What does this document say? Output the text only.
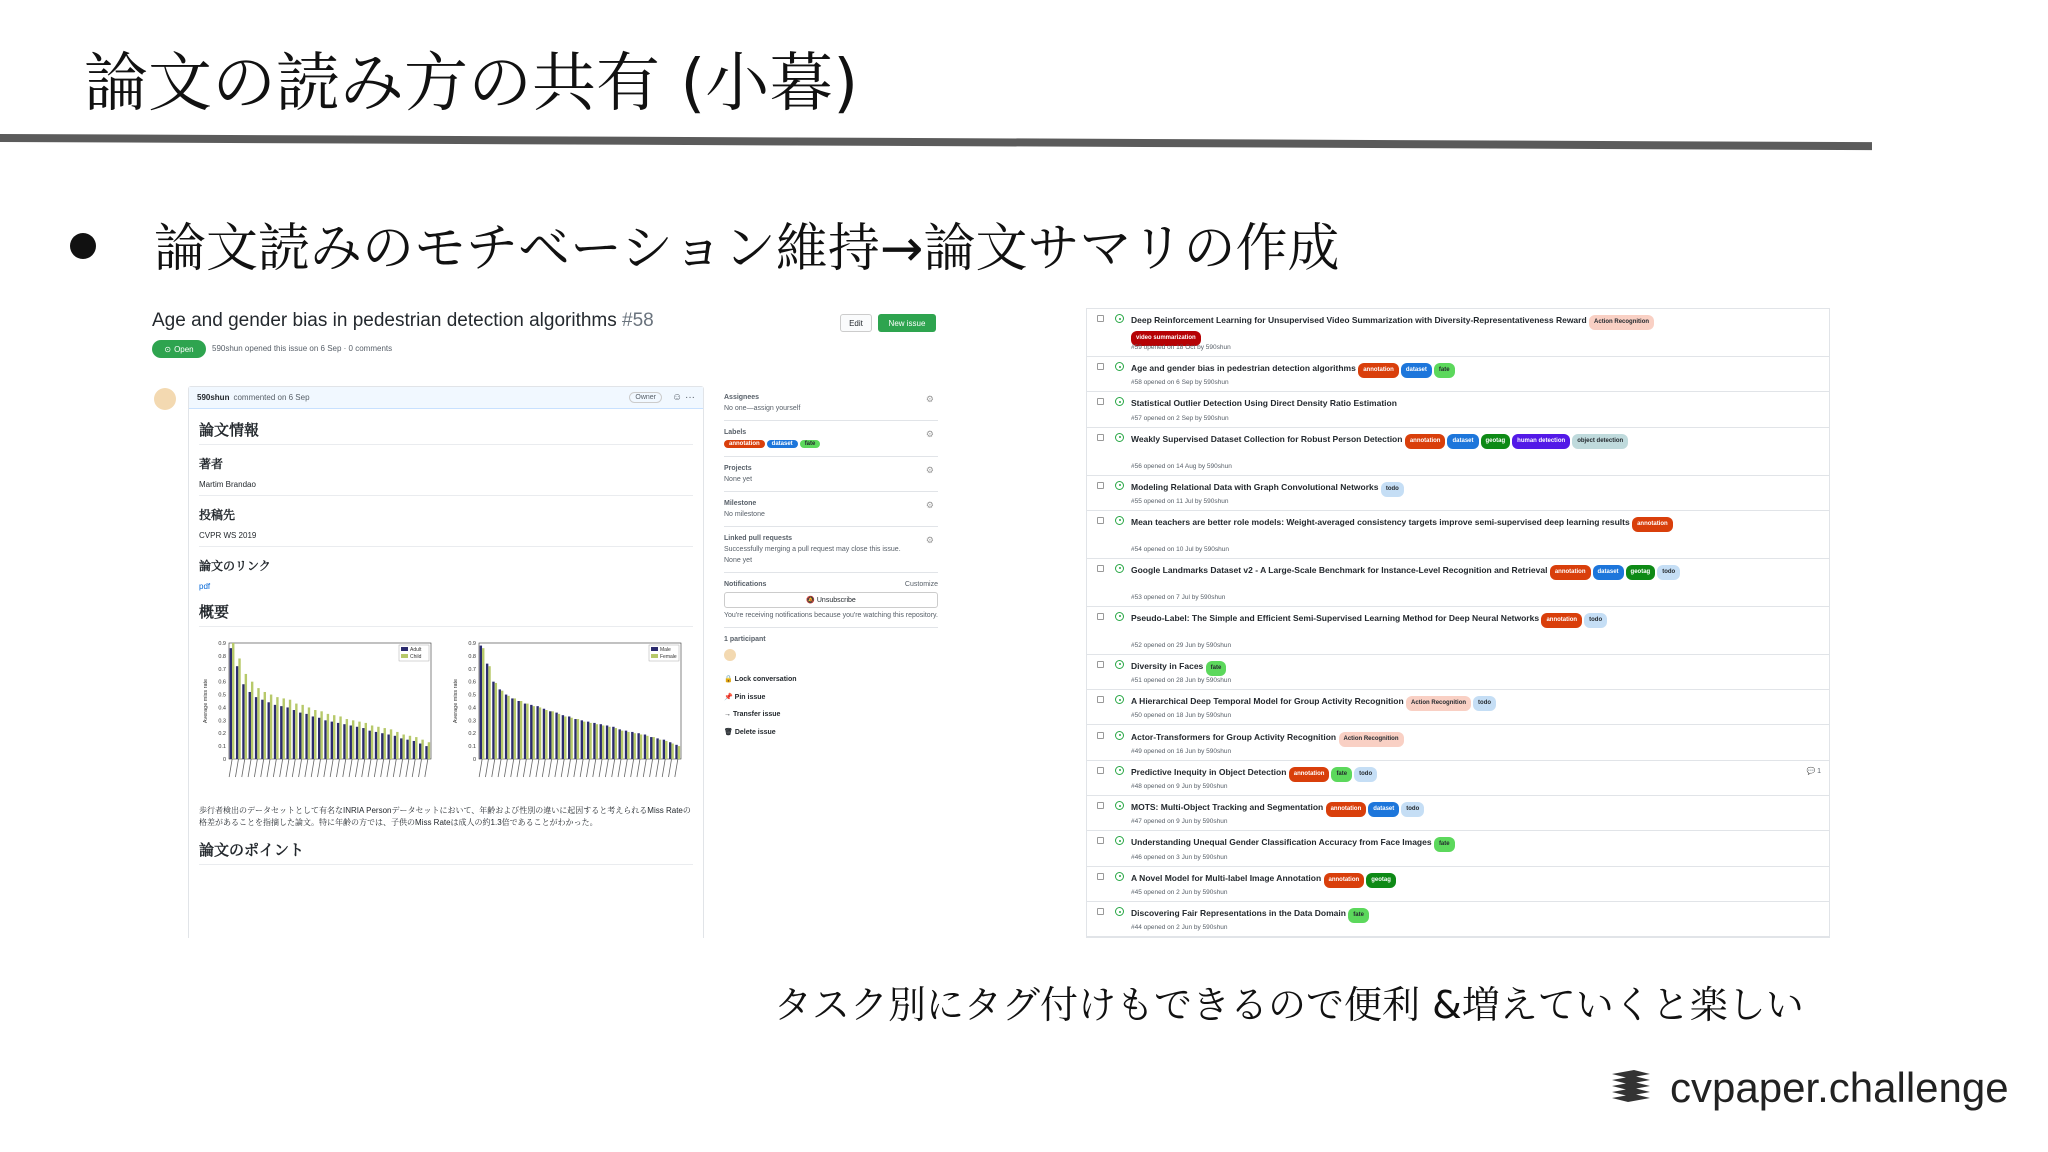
論文の読み方の共有 (小暮)
論文読みのモチベーション維持→論文サマリの作成
Age and gender bias in pedestrian detection algorithms #58	Edit	New issue
⊙ Open 590shun opened this issue on 6 Sep · 0 comments
590shun commented on 6 Sep	Owner	☺ ···
論文情報
著者
Martim Brandao
投稿先
CVPR WS 2019
論文のリンク
pdf
概要
0
0.1
0.2
0.3
0.4
0.5
0.6
0.7
0.8
0.9
Average miss rate
Adult
Child
0
0.1
0.2
0.3
0.4
0.5
0.6
0.7
0.8
0.9
Average miss rate
Male
Female
歩行者検出のデータセットとして有名なINRIA Personデータセットにおいて、年齢および性別の違いに起因すると考えられるMiss Rateの格差があることを指摘した論文。特に年齢の方では、子供のMiss Rateは成人の約1.3倍であることがわかった。
論文のポイント
Assignees
No one—assign yourself
⚙
Labels
annotation dataset fate
⚙
Projects
None yet
⚙
Milestone
No milestone
⚙
Linked pull requests
Successfully merging a pull request may close this issue.
None yet
⚙
Notifications	Customize
🔕 Unsubscribe
You're receiving notifications because you're watching this repository.
1 participant
🔒 Lock conversation
📌 Pin issue
→ Transfer issue
🗑 Delete issue
Deep Reinforcement Learning for Unsupervised Video Summarization with Diversity-Representativeness Reward Action Recognitionvideo summarization
#59 opened on 18 Oct by 590shun
Age and gender bias in pedestrian detection algorithms annotation dataset fate
#58 opened on 6 Sep by 590shun
Statistical Outlier Detection Using Direct Density Ratio Estimation
#57 opened on 2 Sep by 590shun
Weakly Supervised Dataset Collection for Robust Person Detection annotation dataset geotag human detection object detection
#56 opened on 14 Aug by 590shun
Modeling Relational Data with Graph Convolutional Networks todo
#55 opened on 11 Jul by 590shun
Mean teachers are better role models: Weight-averaged consistency targets improve semi-supervised deep learning results annotation
#54 opened on 10 Jul by 590shun
Google Landmarks Dataset v2 - A Large-Scale Benchmark for Instance-Level Recognition and Retrieval annotation dataset geotag todo
#53 opened on 7 Jul by 590shun
Pseudo-Label: The Simple and Efficient Semi-Supervised Learning Method for Deep Neural Networks annotation todo
#52 opened on 29 Jun by 590shun
Diversity in Faces fate
#51 opened on 28 Jun by 590shun
A Hierarchical Deep Temporal Model for Group Activity Recognition Action Recognition todo
#50 opened on 18 Jun by 590shun
Actor-Transformers for Group Activity Recognition Action Recognition
#49 opened on 16 Jun by 590shun
Predictive Inequity in Object Detection annotation fate todo
#48 opened on 9 Jun by 590shun
💬 1
MOTS: Multi-Object Tracking and Segmentation annotation dataset todo
#47 opened on 9 Jun by 590shun
Understanding Unequal Gender Classification Accuracy from Face Images fate
#46 opened on 3 Jun by 590shun
A Novel Model for Multi-label Image Annotation annotation geotag
#45 opened on 2 Jun by 590shun
Discovering Fair Representations in the Data Domain fate
#44 opened on 2 Jun by 590shun
タスク別にタグ付けもできるので便利 &増えていくと楽しい
cvpaper.challenge
